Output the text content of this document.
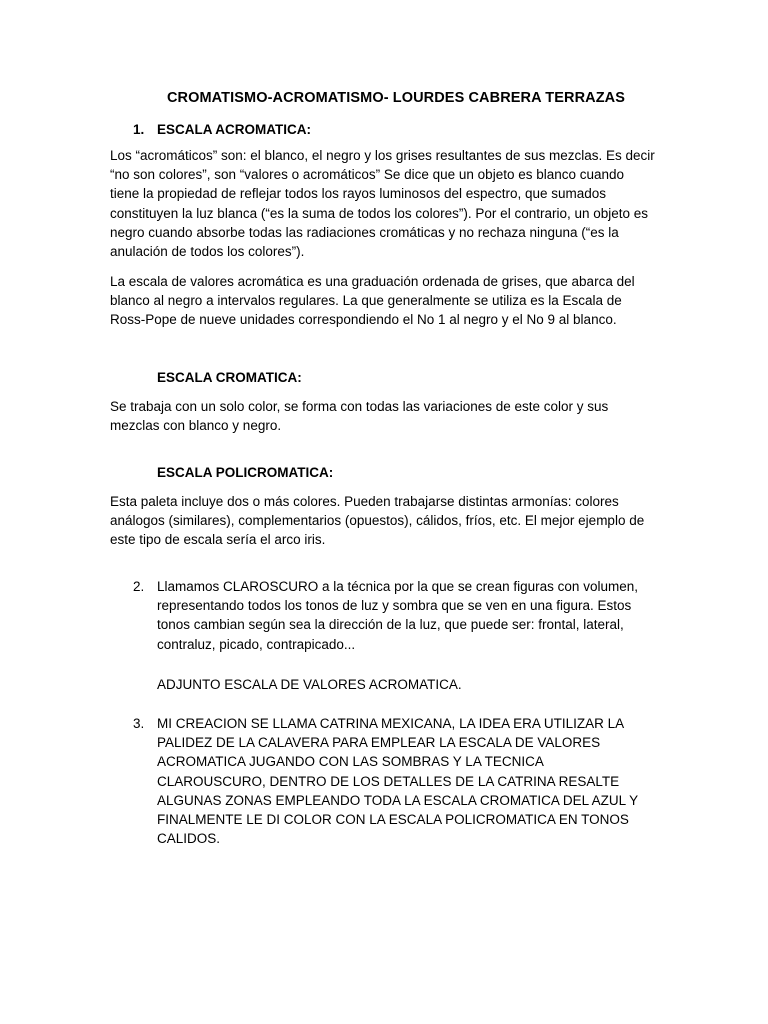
CROMATISMO-ACROMATISMO- LOURDES CABRERA TERRAZAS
1. ESCALA ACROMATICA:

Los “acromáticos” son: el blanco, el negro y los grises resultantes de sus mezclas. Es decir “no son colores”, son “valores o acromáticos” Se dice que un objeto es blanco cuando tiene la propiedad de reflejar todos los rayos luminosos del espectro, que sumados constituyen la luz blanca (“es la suma de todos los colores”). Por el contrario, un objeto es negro cuando absorbe todas las radiaciones cromáticas y no rechaza ninguna (“es la anulación de todos los colores”).

La escala de valores acromática es una graduación ordenada de grises, que abarca del blanco al negro a intervalos regulares. La que generalmente se utiliza es la Escala de Ross-Pope de nueve unidades correspondiendo el No 1 al negro y el No 9 al blanco.

ESCALA CROMATICA:

Se trabaja con un solo color, se forma con todas las variaciones de este color y sus mezclas con blanco y negro.

ESCALA POLICROMATICA:

Esta paleta incluye dos o más colores. Pueden trabajarse distintas armonías: colores análogos (similares), complementarios (opuestos), cálidos, fríos, etc. El mejor ejemplo de este tipo de escala sería el arco iris.

2. Llamamos CLAROSCURO a la técnica por la que se crean figuras con volumen, representando todos los tonos de luz y sombra que se ven en una figura. Estos tonos cambian según sea la dirección de la luz, que puede ser: frontal, lateral, contraluz, picado, contrapicado...
ADJUNTO ESCALA DE VALORES ACROMATICA.
3. MI CREACION SE LLAMA CATRINA MEXICANA, LA IDEA ERA UTILIZAR LA PALIDEZ DE LA CALAVERA PARA EMPLEAR LA ESCALA DE VALORES ACROMATICA JUGANDO CON LAS SOMBRAS Y LA TECNICA CLAROUSCURO, DENTRO DE LOS DETALLES DE LA CATRINA RESALTE ALGUNAS ZONAS EMPLEANDO TODA LA ESCALA CROMATICA DEL AZUL Y FINALMENTE LE DI COLOR CON LA ESCALA POLICROMATICA EN TONOS CALIDOS.
